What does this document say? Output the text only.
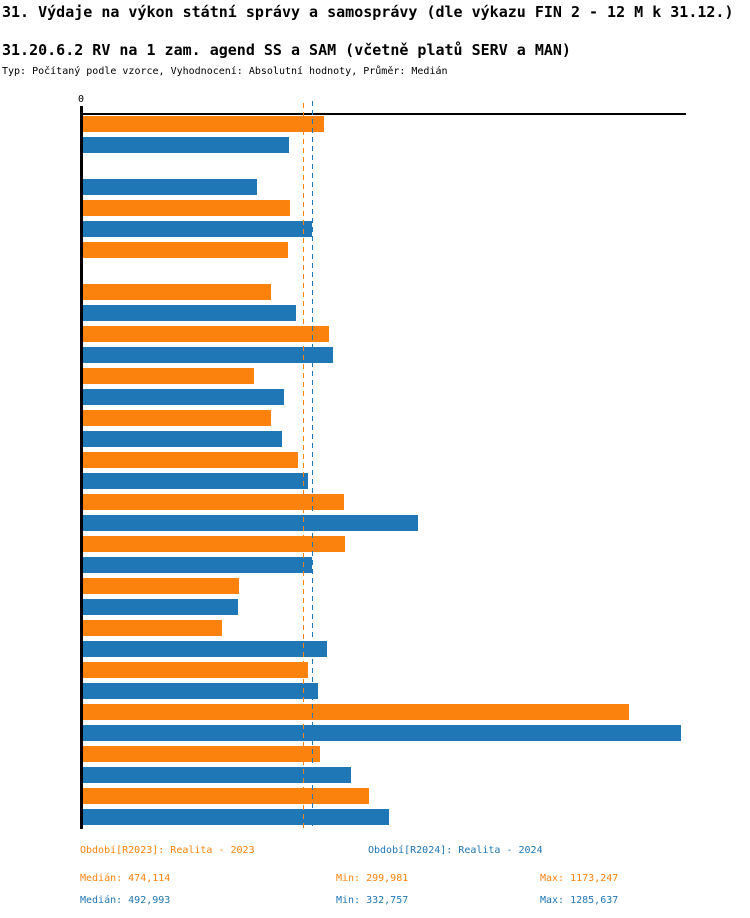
31. Výdaje na výkon státní správy a samosprávy (dle výkazu FIN 2 - 12 M k 31.12.)
31.20.6.2 RV na 1 zam. agend SS a SAM (včetně platů SERV a MAN)
Typ: Počítaný podle vzorce, Vyhodnocení: Absolutní hodnoty, Průměr: Medián

0

Období[R2023]: Realita - 2023	Období[R2024]: Realita - 2024
Medián: 474,114	Min: 299,981	Max: 1173,247
Medián: 492,993	Min: 332,757	Max: 1285,637
